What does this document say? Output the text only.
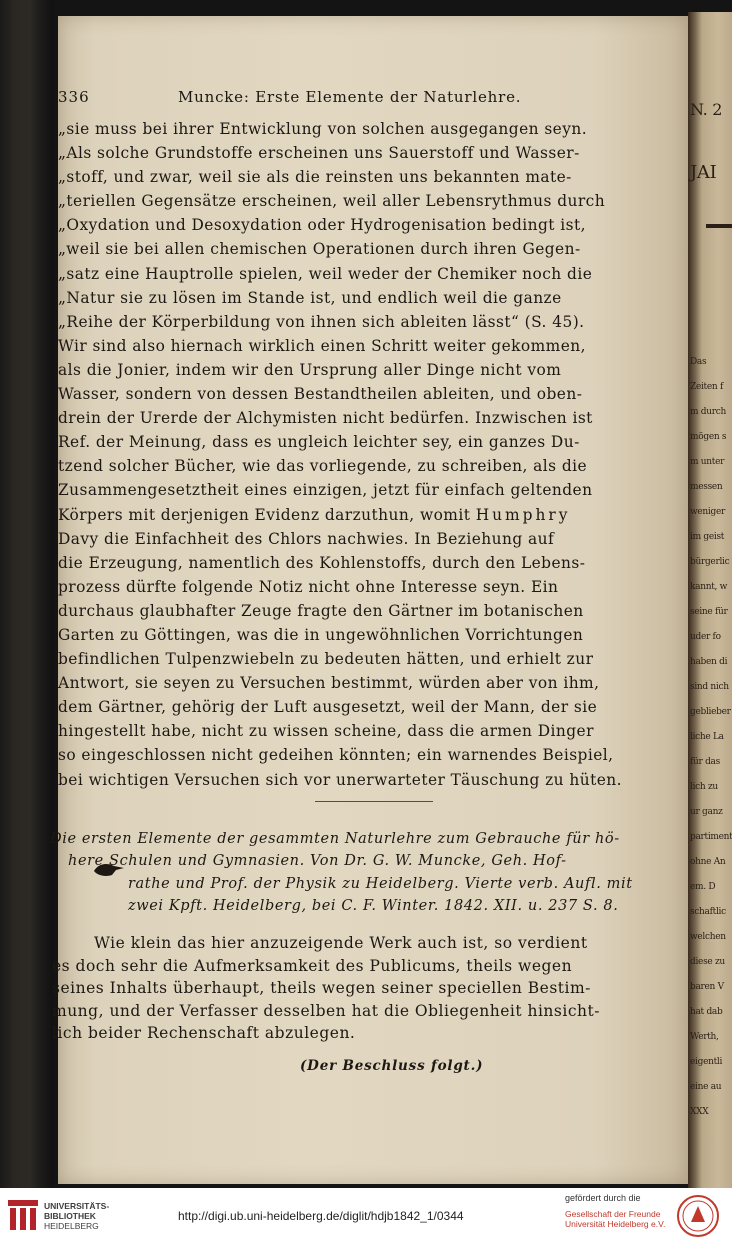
N. 2
JAI
Das
Zeiten f
m durch
mögen s
m unter
messen
weniger
im geist
bürgerlic
kannt, w
seine für
uder fo
haben di
sind nich
geblieber
liche La
für das
lich zu
ur ganz
partiment
ohne An
em. D
schaftlic
welchen
diese zu
baren V
hat dab
Werth,
eigentli
eine au
XXX
336	Muncke: Erste Elemente der Naturlehre.
„sie muss bei ihrer Entwicklung von solchen ausgegangen seyn.
„Als solche Grundstoffe erscheinen uns Sauerstoff und Wasser-
„stoff, und zwar, weil sie als die reinsten uns bekannten mate-
„teriellen Gegensätze erscheinen, weil aller Lebensrythmus durch
„Oxydation und Desoxydation oder Hydrogenisation bedingt ist,
„weil sie bei allen chemischen Operationen durch ihren Gegen-
„satz eine Hauptrolle spielen, weil weder der Chemiker noch die
„Natur sie zu lösen im Stande ist, und endlich weil die ganze
„Reihe der Körperbildung von ihnen sich ableiten lässt“ (S. 45).
Wir sind also hiernach wirklich einen Schritt weiter gekommen,
als die Jonier, indem wir den Ursprung aller Dinge nicht vom
Wasser, sondern von dessen Bestandtheilen ableiten, und oben-
drein der Urerde der Alchymisten nicht bedürfen. Inzwischen ist
Ref. der Meinung, dass es ungleich leichter sey, ein ganzes Du-
tzend solcher Bücher, wie das vorliegende, zu schreiben, als die
Zusammengesetztheit eines einzigen, jetzt für einfach geltenden
Körpers mit derjenigen Evidenz darzuthun, womit Humphry
Davy die Einfachheit des Chlors nachwies. In Beziehung auf
die Erzeugung, namentlich des Kohlenstoffs, durch den Lebens-
prozess dürfte folgende Notiz nicht ohne Interesse seyn. Ein
durchaus glaubhafter Zeuge fragte den Gärtner im botanischen
Garten zu Göttingen, was die in ungewöhnlichen Vorrichtungen
befindlichen Tulpenzwiebeln zu bedeuten hätten, und erhielt zur
Antwort, sie seyen zu Versuchen bestimmt, würden aber von ihm,
dem Gärtner, gehörig der Luft ausgesetzt, weil der Mann, der sie
hingestellt habe, nicht zu wissen scheine, dass die armen Dinger
so eingeschlossen nicht gedeihen könnten; ein warnendes Beispiel,
bei wichtigen Versuchen sich vor unerwarteter Täuschung zu hüten.
Die ersten Elemente der gesammten Naturlehre zum Gebrauche für hö-
here Schulen und Gymnasien. Von Dr. G. W. Muncke, Geh. Hof-
rathe und Prof. der Physik zu Heidelberg. Vierte verb. Aufl. mit
zwei Kpft. Heidelberg, bei C. F. Winter. 1842. XII. u. 237 S. 8.
Wie klein das hier anzuzeigende Werk auch ist, so verdient
es doch sehr die Aufmerksamkeit des Publicums, theils wegen
seines Inhalts überhaupt, theils wegen seiner speciellen Bestim-
mung, und der Verfasser desselben hat die Obliegenheit hinsicht-
lich beider Rechenschaft abzulegen.
(Der Beschluss folgt.)
UNIVERSITÄTS-
BIBLIOTHEK
HEIDELBERG
http://digi.ub.uni-heidelberg.de/diglit/hdjb1842_1/0344
gefördert durch die
Gesellschaft der Freunde
Universität Heidelberg e.V.
